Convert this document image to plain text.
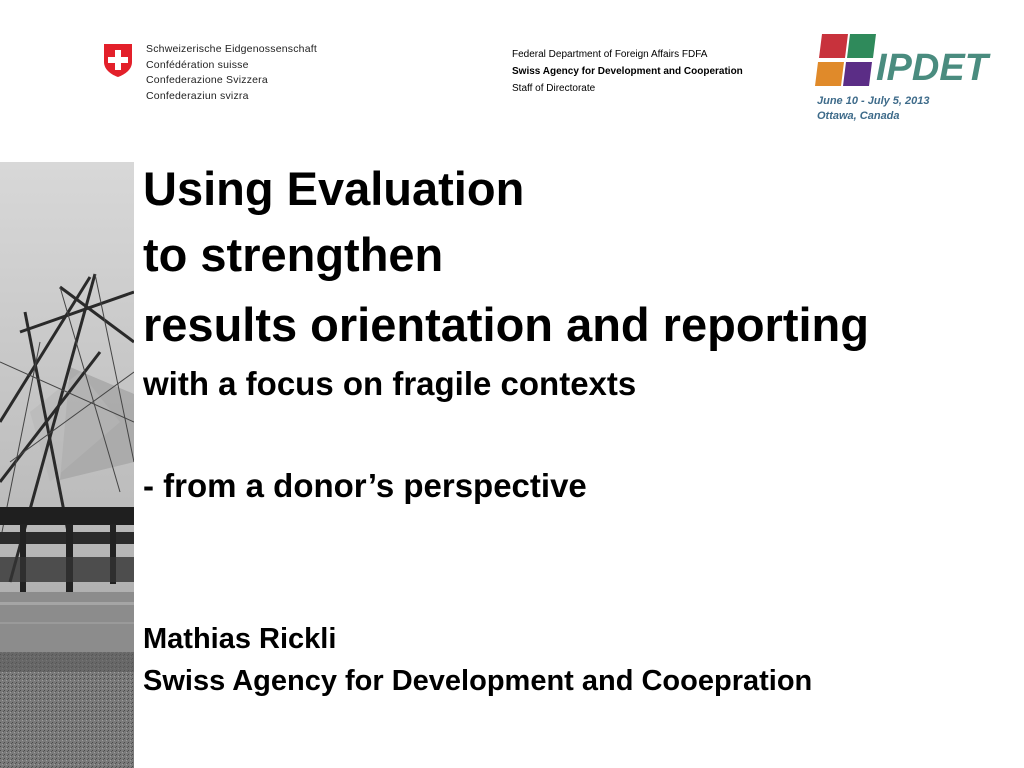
Schweizerische Eidgenossenschaft
Confédération suisse
Confederazione Svizzera
Confederaziun svizra
Federal Department of Foreign Affairs FDFA
Swiss Agency for Development and Cooperation
Staff of Directorate	IPDET
June 10 - July 5, 2013
Ottawa, Canada
Using Evaluation
to strengthen
results orientation and reporting
with a focus on fragile contexts
- from a donor’s perspective
Mathias Rickli
Swiss Agency for Development and Cooepration
